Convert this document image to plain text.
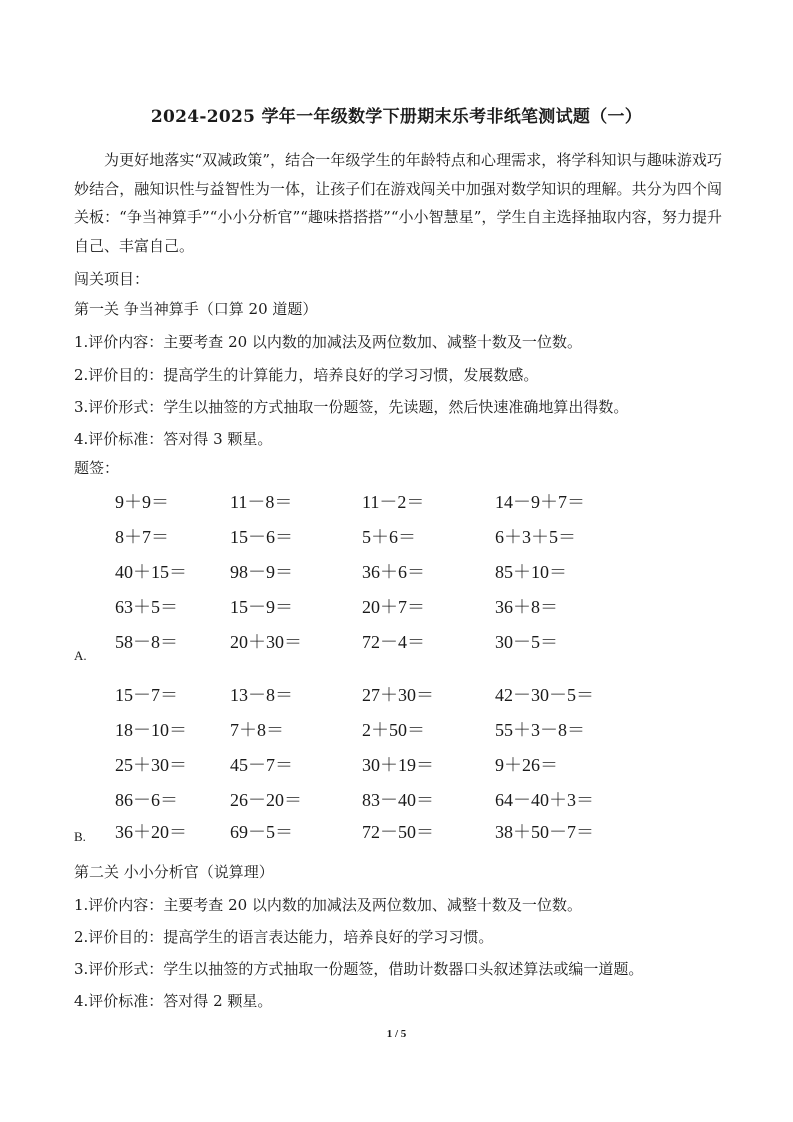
2024-2025 学年一年级数学下册期末乐考非纸笔测试题（一）
为更好地落实“双减政策”，结合一年级学生的年龄特点和心理需求，将学科知识与趣味游戏巧妙结合，融知识性与益智性为一体，让孩子们在游戏闯关中加强对数学知识的理解。共分为四个闯关板：“争当神算手”“小小分析官”“趣味搭搭搭”“小小智慧星”，学生自主选择抽取内容，努力提升自己、丰富自己。
闯关项目：
第一关 争当神算手（口算 20 道题）
1.评价内容：主要考查 20 以内数的加减法及两位数加、减整十数及一位数。
2.评价目的：提高学生的计算能力，培养良好的学习习惯，发展数感。
3.评价形式：学生以抽签的方式抽取一份题签，先读题，然后快速准确地算出得数。
4.评价标准：答对得 3 颗星。
题签：
9＋9＝	11－8＝	11－2＝	14－9＋7＝
8＋7＝	15－6＝	5＋6＝	6＋3＋5＝
40＋15＝ 98－9＝	36＋6＝	85＋10＝
63＋5＝	15－9＝	20＋7＝	36＋8＝
58－8＝	20＋30＝	72－4＝	30－5＝
A.
15－7＝	13－8＝	27＋30＝	42－30－5＝
18－10＝ 7＋8＝	2＋50＝	55＋3－8＝
25＋30＝ 45－7＝	30＋19＝	9＋26＝
86－6＝	26－20＝	83－40＝	64－40＋3＝
36＋20＝ 69－5＝	72－50＝	38＋50－7＝
B.
第二关 小小分析官（说算理）
1.评价内容：主要考查 20 以内数的加减法及两位数加、减整十数及一位数。
2.评价目的：提高学生的语言表达能力，培养良好的学习习惯。
3.评价形式：学生以抽签的方式抽取一份题签，借助计数器口头叙述算法或编一道题。
4.评价标准：答对得 2 颗星。
1 / 5
